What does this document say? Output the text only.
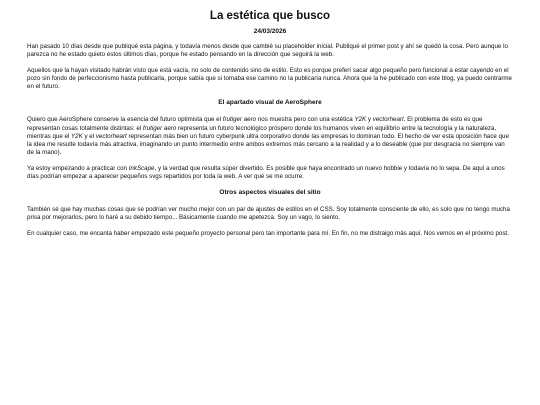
La estética que busco
24/03/2026

Han pasado 10 días desde que publiqué esta página, y todavía menos desde que cambié su placeholder inicial. Publiqué el primer post y ahí se quedó la cosa. Pero aunque lo parezca no he estado quieto estos últimos días, porque he estado pensando en la dirección que seguirá la web.

Aquellos que la hayan visitado habrán visto que está vacía, no solo de contenido sino de estilo. Esto es porque preferí sacar algo pequeño pero funcional a estar cayendo en el pozo sin fondo de perfeccionismo hasta publicarla, porque sabía que si tomaba ese camino no la publicaría nunca. Ahora que la he publicado con este blog, ya puedo centrarme en el futuro.

El apartado visual de AeroSphere

Quiero que AeroSphere conserve la esencia del futuro optimista que el frutiger aero nos muestra pero con una estética Y2K y vectorheart. El problema de esto es que representan cosas totalmente distintas: el frutiger aero representa un futuro tecnológico próspero donde los humanos viven en equilibrio entre la tecnología y la naturaleza, mientras que el Y2K y el vectorheart representan más bien un futuro cyberpunk ultra corporativo donde las empresas lo dominan todo. El hecho de ver esta oposición hace que la idea me resulte todavía más atractiva, imaginando un punto intermedio entre ambos extremos más cercano a la realidad y a lo deseable (que por desgracia no siempre van de la mano).

Ya estoy empezando a practicar con InkScape, y la verdad que resulta súper divertido. Es posible que haya encontrado un nuevo hobbie y todavía no lo sepa. De aquí a unos días podrían empezar a aparecer pequeños svgs repartidos por toda la web. A ver qué se me ocurre.

Otros aspectos visuales del sitio

También sé que hay muchas cosas que se podrían ver mucho mejor con un par de ajustes de estilos en el CSS. Soy totalmente consciente de ello, es solo que no tengo mucha prisa por mejorarlos, pero lo haré a su debido tiempo... Básicamente cuando me apetezca. Soy un vago, lo siento.

En cualquier caso, me encanta haber empezado este pequeño proyecto personal pero tan importante para mí. En fin, no me distraigo más aquí. Nos vemos en el próximo post.
